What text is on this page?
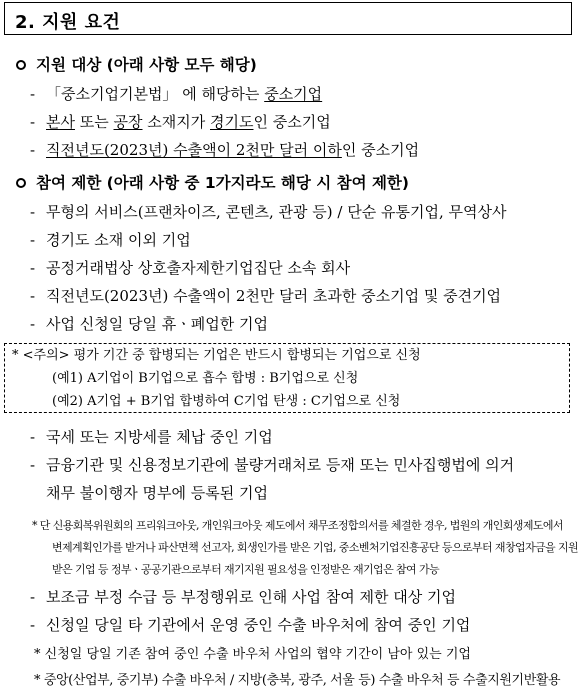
2. 지원 요건
지원 대상 (아래 사항 모두 해당)
- 「중소기업기본법」 에 해당하는 중소기업
- 본사 또는 공장 소재지가 경기도인 중소기업
- 직전년도(2023년) 수출액이 2천만 달러 이하인 중소기업
참여 제한 (아래 사항 중 1가지라도 해당 시 참여 제한)
- 무형의 서비스(프랜차이즈, 콘텐츠, 관광 등) / 단순 유통기업, 무역상사
- 경기도 소재 이외 기업
- 공정거래법상 상호출자제한기업집단 소속 회사
- 직전년도(2023년) 수출액이 2천만 달러 초과한 중소기업 및 중견기업
- 사업 신청일 당일 휴ㆍ폐업한 기업
* <주의> 평가 기간 중 합병되는 기업은 반드시 합병되는 기업으로 신청
(예1) A기업이 B기업으로 흡수 합병 : B기업으로 신청
(예2) A기업 + B기업 합병하여 C기업 탄생 : C기업으로 신청
- 국세 또는 지방세를 체납 중인 기업
- 금융기관 및 신용정보기관에 불량거래처로 등재 또는 민사집행법에 의거
채무 불이행자 명부에 등록된 기업
* 단 신용회복위원회의 프리워크아웃, 개인워크아웃 제도에서 채무조정합의서를 체결한 경우, 법원의 개인회생제도에서
변제계획인가를 받거나 파산면책 선고자, 회생인가를 받은 기업, 중소벤처기업진흥공단 등으로부터 재창업자금을 지원
받은 기업 등 정부ㆍ공공기관으로부터 재기지원 필요성을 인정받은 재기업은 참여 가능
- 보조금 부정 수급 등 부정행위로 인해 사업 참여 제한 대상 기업
- 신청일 당일 타 기관에서 운영 중인 수출 바우처에 참여 중인 기업
* 신청일 당일 기존 참여 중인 수출 바우처 사업의 협약 기간이 남아 있는 기업
* 중앙(산업부, 중기부) 수출 바우처 / 지방(충북, 광주, 서울 등) 수출 바우처 등 수출지원기반활용
